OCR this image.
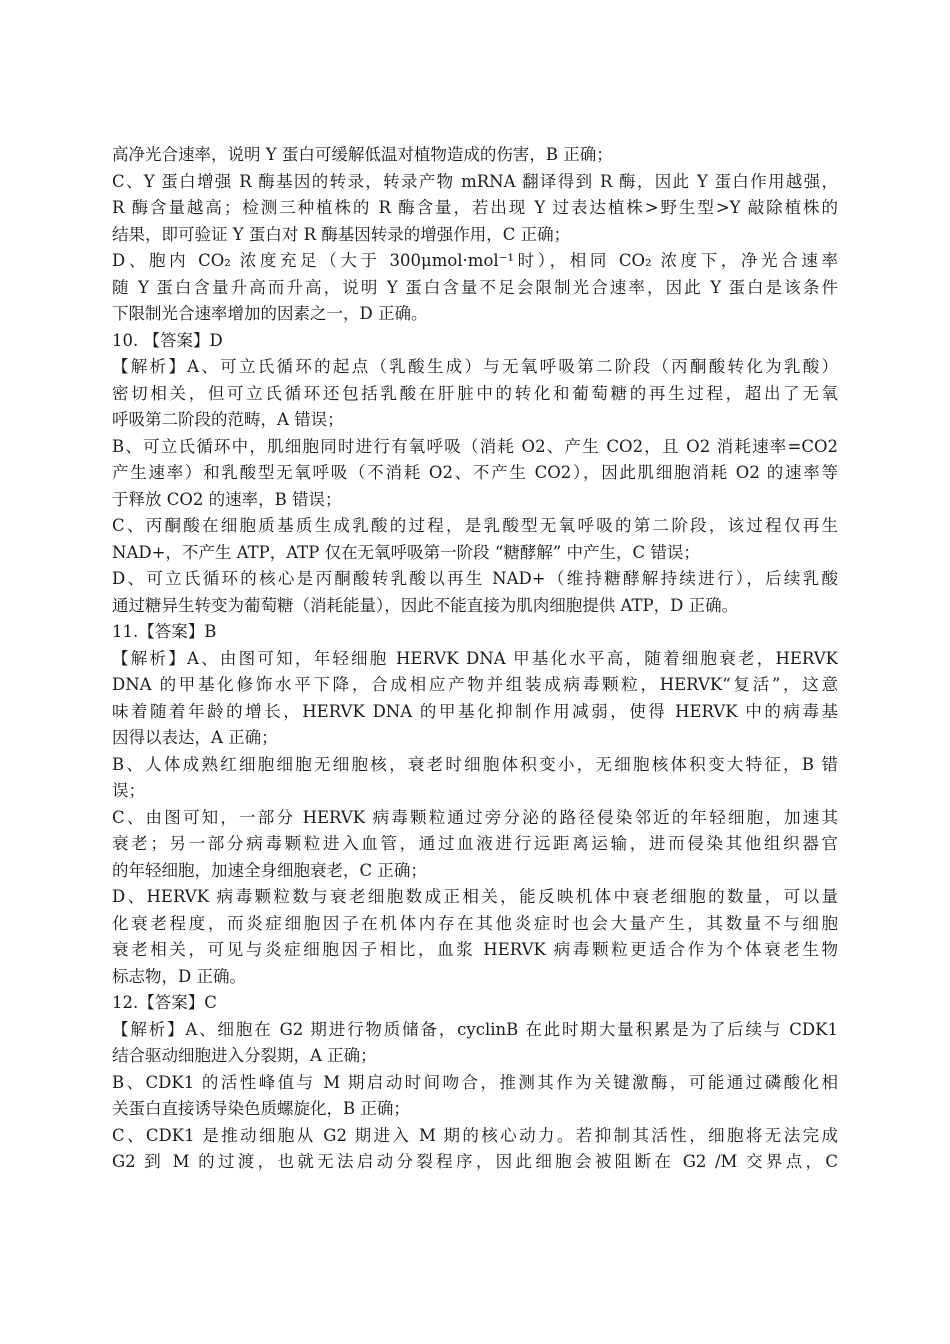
高净光合速率，说明 Y 蛋白可缓解低温对植物造成的伤害，B 正确；
C、Y 蛋白增强 R 酶基因的转录，转录产物 mRNA 翻译得到 R 酶，因此 Y 蛋白作用越强，
R 酶含量越高；检测三种植株的 R 酶含量，若出现 Y 过表达植株>野生型>Y 敲除植株的
结果，即可验证 Y 蛋白对 R 酶基因转录的增强作用，C 正确；
D、胞内 CO₂ 浓度充足（大于 300μmol·mol⁻¹时），相同 CO₂ 浓度下，净光合速率
随 Y 蛋白含量升高而升高，说明 Y 蛋白含量不足会限制光合速率，因此 Y 蛋白是该条件
下限制光合速率增加的因素之一，D 正确。
10. 【答案】D
【解析】A、可立氏循环的起点（乳酸生成）与无氧呼吸第二阶段（丙酮酸转化为乳酸）
密切相关，但可立氏循环还包括乳酸在肝脏中的转化和葡萄糖的再生过程，超出了无氧
呼吸第二阶段的范畴，A 错误；
B、可立氏循环中，肌细胞同时进行有氧呼吸（消耗 O2、产生 CO2，且 O2 消耗速率=CO2
产生速率）和乳酸型无氧呼吸（不消耗 O2、不产生 CO2），因此肌细胞消耗 O2 的速率等
于释放 CO2 的速率，B 错误；
C、丙酮酸在细胞质基质生成乳酸的过程，是乳酸型无氧呼吸的第二阶段，该过程仅再生
NAD+，不产生 ATP，ATP 仅在无氧呼吸第一阶段 “糖酵解” 中产生，C 错误；
D、可立氏循环的核心是丙酮酸转乳酸以再生 NAD+（维持糖酵解持续进行），后续乳酸
通过糖异生转变为葡萄糖（消耗能量），因此不能直接为肌肉细胞提供 ATP，D 正确。
11.【答案】B
【解析】A、由图可知，年轻细胞 HERVK DNA 甲基化水平高，随着细胞衰老，HERVK
DNA 的甲基化修饰水平下降，合成相应产物并组装成病毒颗粒，HERVK“复活”，这意
味着随着年龄的增长，HERVK DNA 的甲基化抑制作用减弱，使得 HERVK 中的病毒基
因得以表达，A 正确；
B、人体成熟红细胞细胞无细胞核，衰老时细胞体积变小，无细胞核体积变大特征，B 错
误；
C、由图可知，一部分 HERVK 病毒颗粒通过旁分泌的路径侵染邻近的年轻细胞，加速其
衰老；另一部分病毒颗粒进入血管，通过血液进行远距离运输，进而侵染其他组织器官
的年轻细胞，加速全身细胞衰老，C 正确；
D、HERVK 病毒颗粒数与衰老细胞数成正相关，能反映机体中衰老细胞的数量，可以量
化衰老程度，而炎症细胞因子在机体内存在其他炎症时也会大量产生，其数量不与细胞
衰老相关，可见与炎症细胞因子相比，血浆 HERVK 病毒颗粒更适合作为个体衰老生物
标志物，D 正确。
12.【答案】C
【解析】A、细胞在 G2 期进行物质储备，cyclinB 在此时期大量积累是为了后续与 CDK1
结合驱动细胞进入分裂期，A 正确；
B、CDK1 的活性峰值与 M 期启动时间吻合，推测其作为关键激酶，可能通过磷酸化相
关蛋白直接诱导染色质螺旋化，B 正确；
C、CDK1 是推动细胞从 G2 期进入 M 期的核心动力。若抑制其活性，细胞将无法完成
G2 到 M 的过渡，也就无法启动分裂程序，因此细胞会被阻断在 G2 /M 交界点，C
